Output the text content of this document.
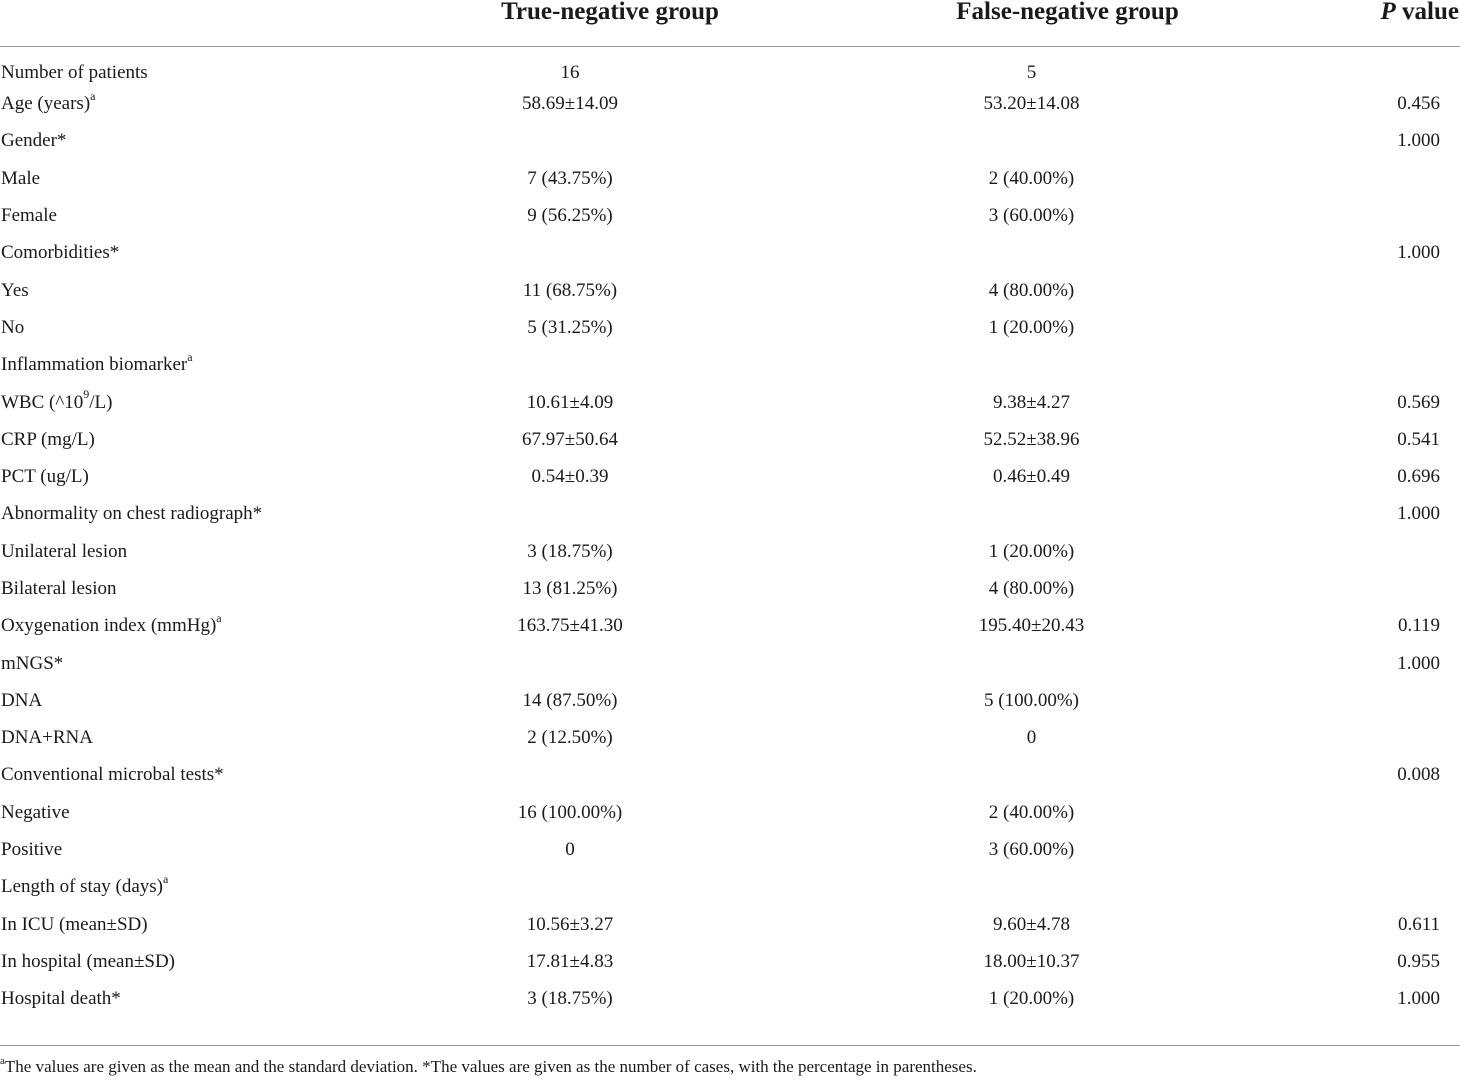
	True-negative group	False-negative group	P value
Number of patients	16	5	
Age (years)$^a$	58.69±14.09	53.20±14.08	0.456
Gender*			1.000
Male	7 (43.75%)	2 (40.00%)	
Female	9 (56.25%)	3 (60.00%)	
Comorbidities*			1.000
Yes	11 (68.75%)	4 (80.00%)	
No	5 (31.25%)	1 (20.00%)	
Inflammation biomarker$^a$			
WBC $(\^{}10^9/L)$	10.61±4.09	9.38±4.27	0.569
CRP (mg/L)	67.97±50.64	52.52±38.96	0.541
PCT (ug/L)	0.54±0.39	0.46±0.49	0.696
Abnormality on chest radiograph*			1.000
Unilateral lesion	3 (18.75%)	1 (20.00%)	
Bilateral lesion	13 (81.25%)	4 (80.00%)	
Oxygenation index (mmHg)$^a$	163.75±41.30	195.40±20.43	0.119
mNGS*			1.000
DNA	14 (87.50%)	5 (100.00%)	
DNA+RNA	2 (12.50%)	0	
Conventional microbal tests*			0.008
Negative	16 (100.00%)	2 (40.00%)	
Positive	0	3 (60.00%)	
Length of stay (days)$^a$			
In ICU (mean±SD)	10.56±3.27	9.60±4.78	0.611
In hospital (mean±SD)	17.81±4.83	18.00±10.37	0.955
Hospital death*	3 (18.75%)	1 (20.00%)	1.000
$^a$The values are given as the mean and the standard deviation. *The values are given as the number of cases, with the percentage in parentheses.
